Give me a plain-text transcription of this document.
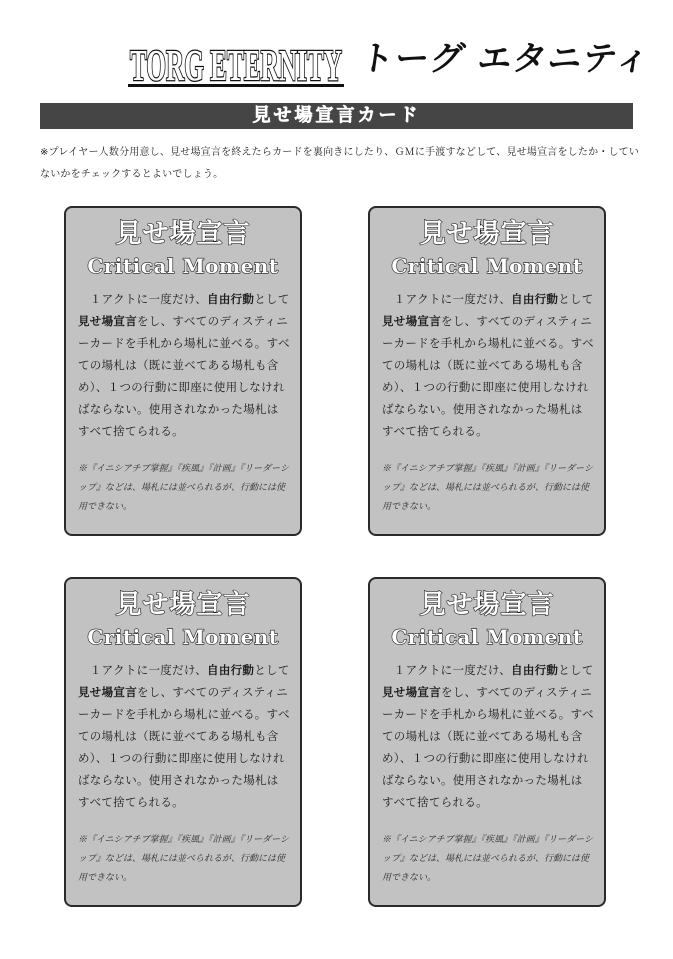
TORG ETERNITY トーグ エタニティ
見せ場宣言カード
※プレイヤー人数分用意し、見せ場宣言を終えたらカードを裏向きにしたり、ＧＭに手渡すなどして、見せ場宣言をしたか・していないかをチェックするとよいでしょう。
見せ場宣言
Critical Moment
　１アクトに一度だけ、自由行動として見せ場宣言をし、すべてのディスティニーカードを手札から場札に並べる。すべての場札は（既に並べてある場札も含め）、１つの行動に即座に使用しなければならない。使用されなかった場札はすべて捨てられる。
※『イニシアチブ掌握』『疾風』『計画』『リーダーシップ』などは、場札には並べられるが、行動には使用できない。
見せ場宣言
Critical Moment
　１アクトに一度だけ、自由行動として見せ場宣言をし、すべてのディスティニーカードを手札から場札に並べる。すべての場札は（既に並べてある場札も含め）、１つの行動に即座に使用しなければならない。使用されなかった場札はすべて捨てられる。
※『イニシアチブ掌握』『疾風』『計画』『リーダーシップ』などは、場札には並べられるが、行動には使用できない。
見せ場宣言
Critical Moment
　１アクトに一度だけ、自由行動として見せ場宣言をし、すべてのディスティニーカードを手札から場札に並べる。すべての場札は（既に並べてある場札も含め）、１つの行動に即座に使用しなければならない。使用されなかった場札はすべて捨てられる。
※『イニシアチブ掌握』『疾風』『計画』『リーダーシップ』などは、場札には並べられるが、行動には使用できない。
見せ場宣言
Critical Moment
　１アクトに一度だけ、自由行動として見せ場宣言をし、すべてのディスティニーカードを手札から場札に並べる。すべての場札は（既に並べてある場札も含め）、１つの行動に即座に使用しなければならない。使用されなかった場札はすべて捨てられる。
※『イニシアチブ掌握』『疾風』『計画』『リーダーシップ』などは、場札には並べられるが、行動には使用できない。
